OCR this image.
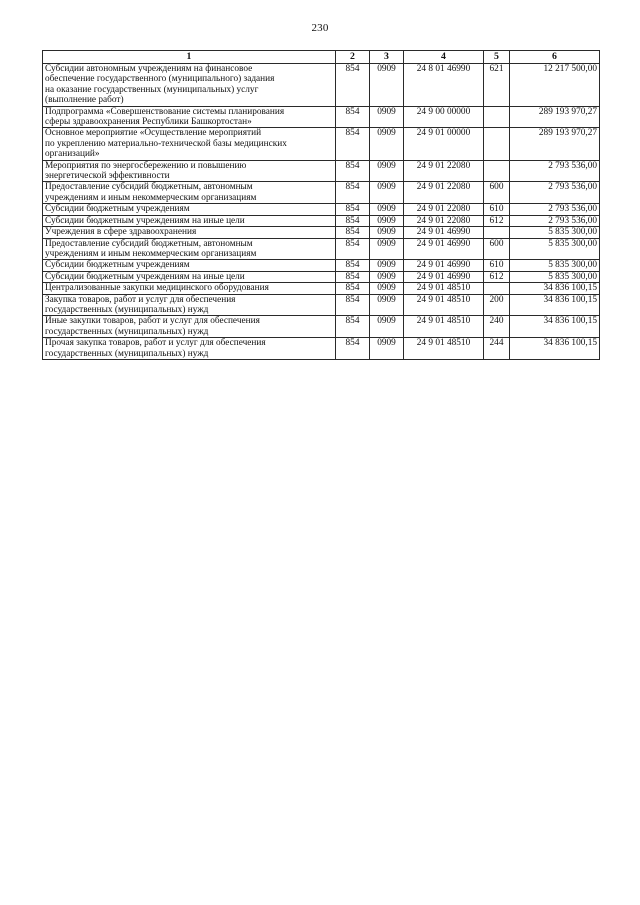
230
1	2	3	4	5	6
Субсидии автономным учреждениям на финансовое
обеспечение государственного (муниципального) задания
на оказание государственных (муниципальных) услуг
(выполнение работ)	854	0909	24 8 01 46990	621	12 217 500,00
Подпрограмма «Совершенствование системы планирования
сферы здравоохранения Республики Башкортостан»	854	0909	24 9 00 00000		289 193 970,27
Основное мероприятие «Осуществление мероприятий
по укреплению материально-технической базы медицинских
организаций»	854	0909	24 9 01 00000		289 193 970,27
Мероприятия по энергосбережению и повышению
энергетической эффективности	854	0909	24 9 01 22080		2 793 536,00
Предоставление субсидий бюджетным, автономным
учреждениям и иным некоммерческим организациям	854	0909	24 9 01 22080	600	2 793 536,00
Субсидии бюджетным учреждениям	854	0909	24 9 01 22080	610	2 793 536,00
Субсидии бюджетным учреждениям на иные цели	854	0909	24 9 01 22080	612	2 793 536,00
Учреждения в сфере здравоохранения	854	0909	24 9 01 46990		5 835 300,00
Предоставление субсидий бюджетным, автономным
учреждениям и иным некоммерческим организациям	854	0909	24 9 01 46990	600	5 835 300,00
Субсидии бюджетным учреждениям	854	0909	24 9 01 46990	610	5 835 300,00
Субсидии бюджетным учреждениям на иные цели	854	0909	24 9 01 46990	612	5 835 300,00
Централизованные закупки медицинского оборудования	854	0909	24 9 01 48510		34 836 100,15
Закупка товаров, работ и услуг для обеспечения
государственных (муниципальных) нужд	854	0909	24 9 01 48510	200	34 836 100,15
Иные закупки товаров, работ и услуг для обеспечения
государственных (муниципальных) нужд	854	0909	24 9 01 48510	240	34 836 100,15
Прочая закупка товаров, работ и услуг для обеспечения
государственных (муниципальных) нужд	854	0909	24 9 01 48510	244	34 836 100,15
